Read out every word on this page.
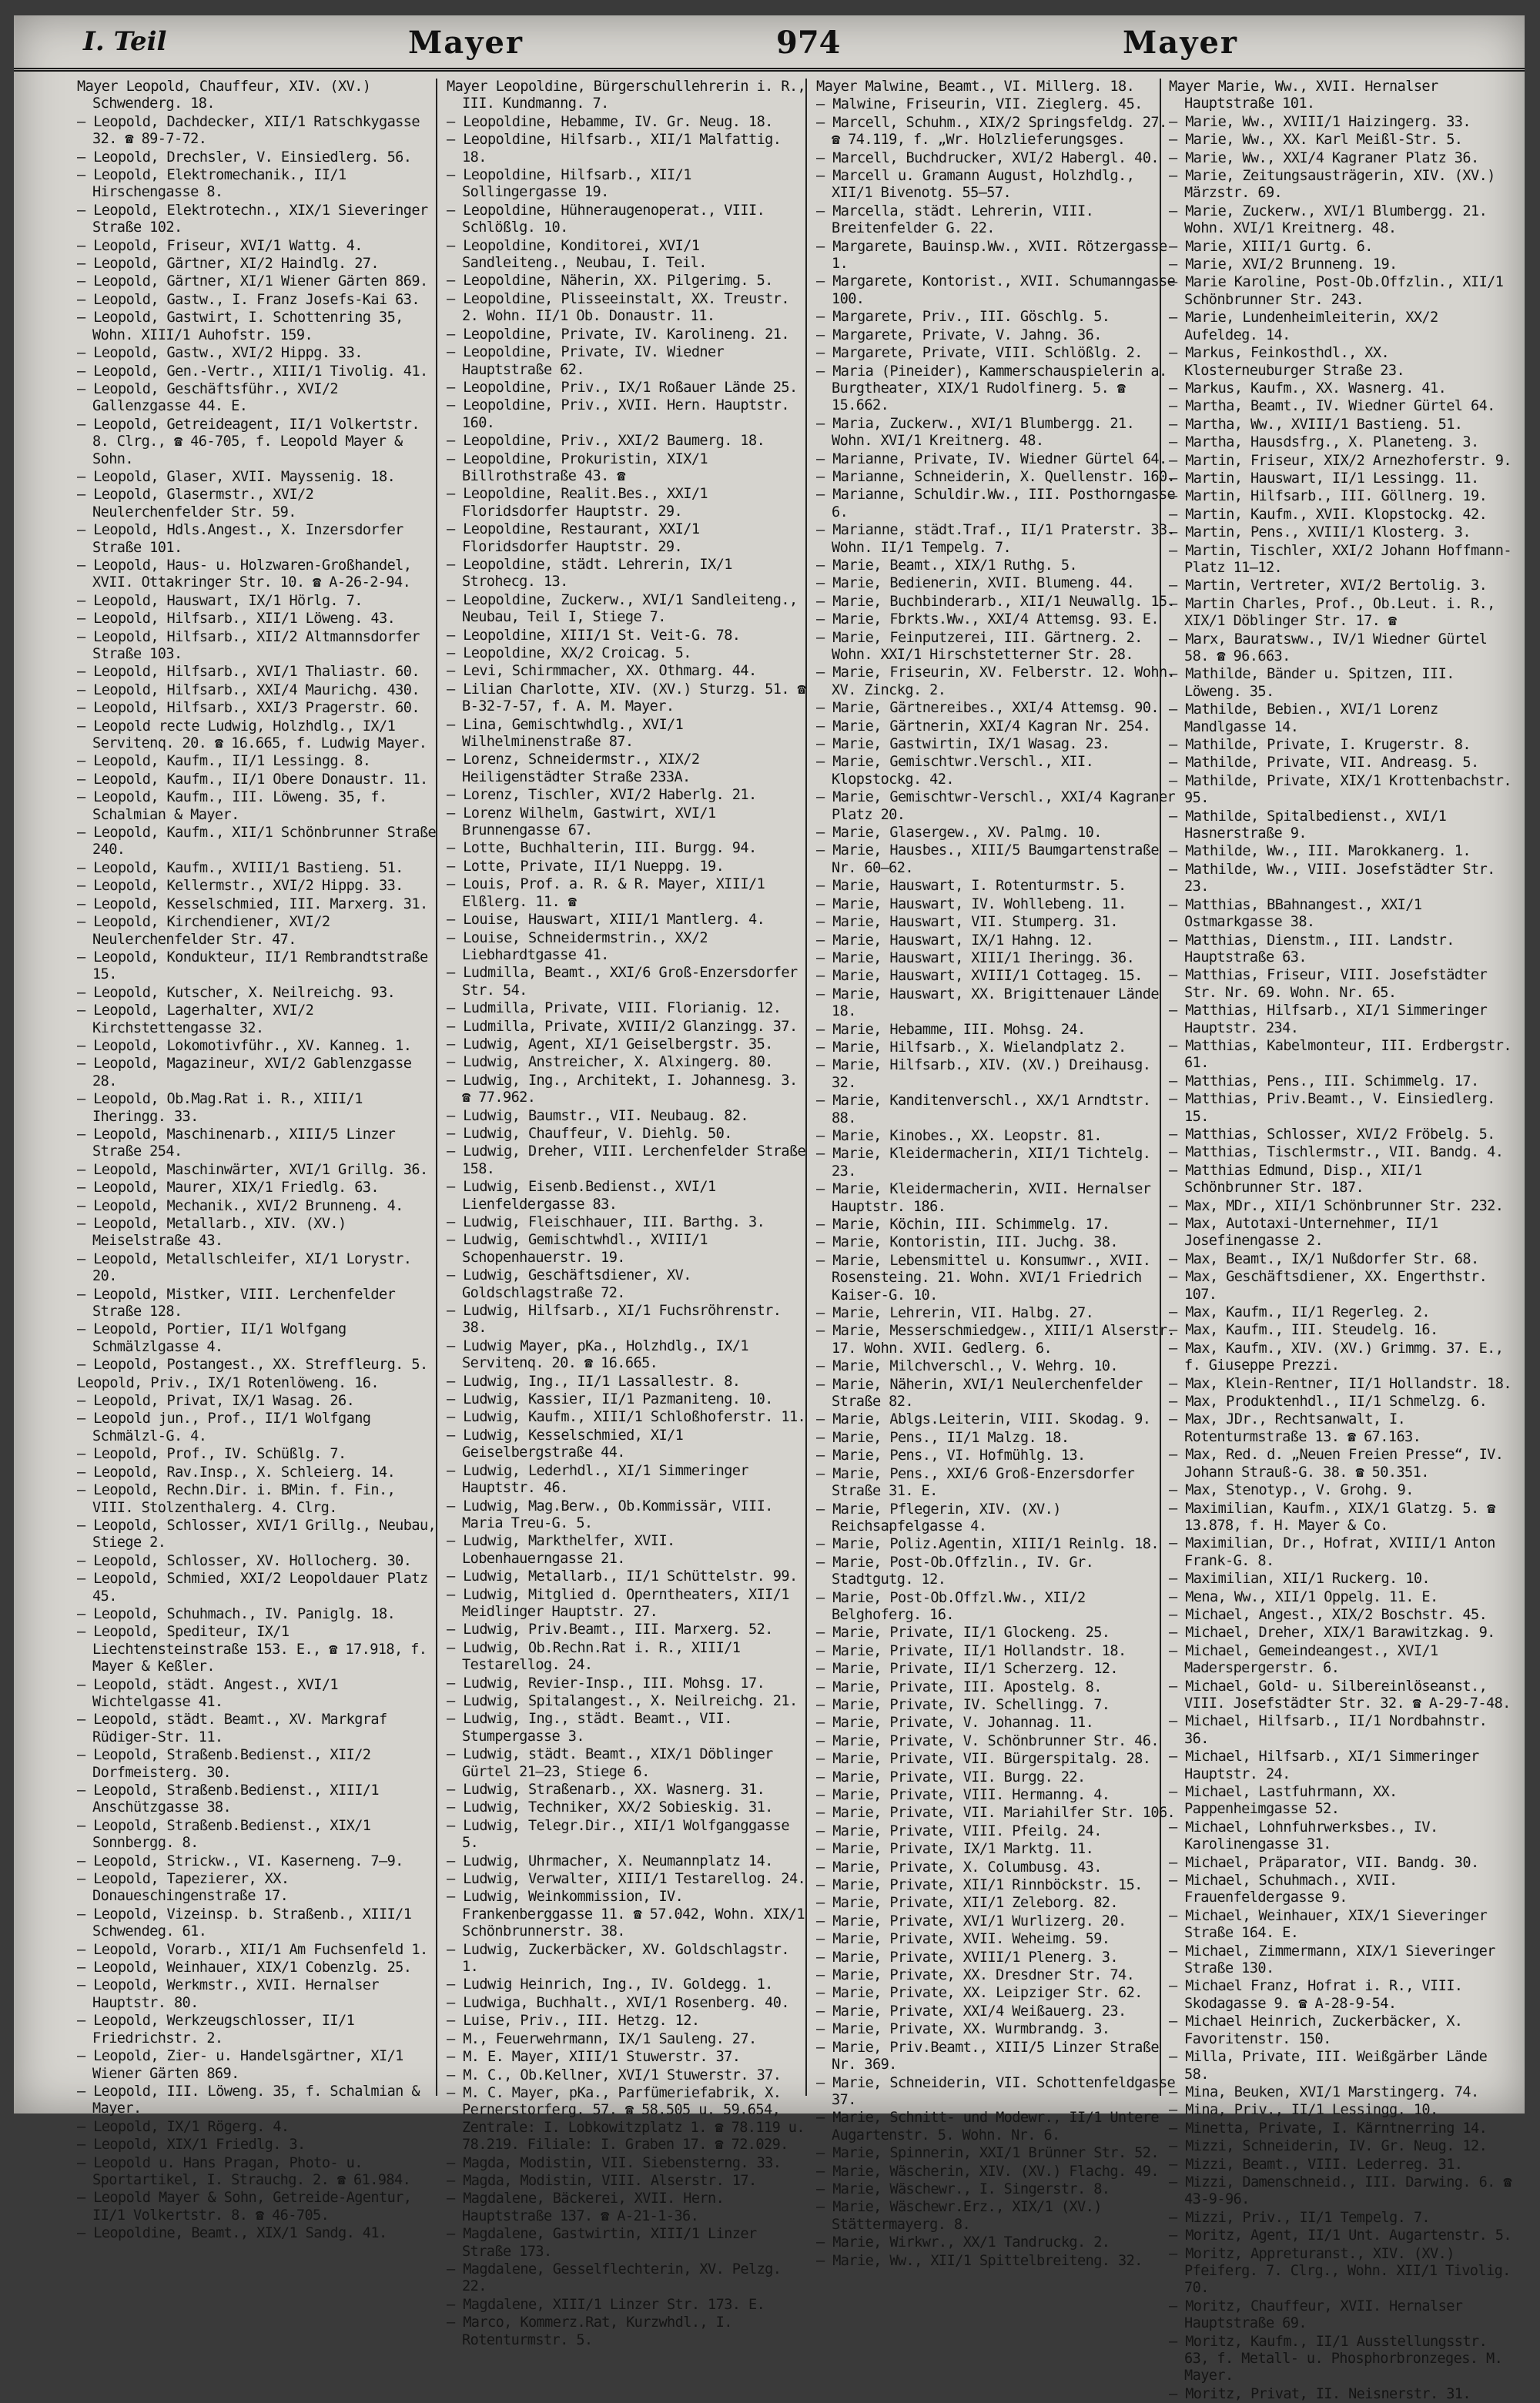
I. Teil	Mayer	974	Mayer

Mayer Leopold, Chauffeur, XIV. (XV.) Schwenderg. 18.

— Leopold, Dachdecker, XII/1 Ratschkygasse 32. ☎ 89-7-72.

— Leopold, Drechsler, V. Einsiedlerg. 56.

— Leopold, Elektromechanik., II/1 Hirschengasse 8.

— Leopold, Elektrotechn., XIX/1 Sieveringer Straße 102.

— Leopold, Friseur, XVI/1 Wattg. 4.

— Leopold, Gärtner, XI/2 Haindlg. 27.

— Leopold, Gärtner, XI/1 Wiener Gärten 869.

— Leopold, Gastw., I. Franz Josefs-Kai 63.

— Leopold, Gastwirt, I. Schottenring 35, Wohn. XIII/1 Auhofstr. 159.

— Leopold, Gastw., XVI/2 Hippg. 33.

— Leopold, Gen.-Vertr., XIII/1 Tivolig. 41.

— Leopold, Geschäftsführ., XVI/2 Gallenzgasse 44. E.

— Leopold, Getreideagent, II/1 Volkertstr. 8. Clrg., ☎ 46-705, f. Leopold Mayer & Sohn.

— Leopold, Glaser, XVII. Mayssenig. 18.

— Leopold, Glasermstr., XVI/2 Neulerchenfelder Str. 59.

— Leopold, Hdls.Angest., X. Inzersdorfer Straße 101.

— Leopold, Haus- u. Holzwaren-Großhandel, XVII. Ottakringer Str. 10. ☎ A-26-2-94.

— Leopold, Hauswart, IX/1 Hörlg. 7.

— Leopold, Hilfsarb., XII/1 Löweng. 43.

— Leopold, Hilfsarb., XII/2 Altmannsdorfer Straße 103.

— Leopold, Hilfsarb., XVI/1 Thaliastr. 60.

— Leopold, Hilfsarb., XXI/4 Maurichg. 430.

— Leopold, Hilfsarb., XXI/3 Pragerstr. 60.

— Leopold recte Ludwig, Holzhdlg., IX/1 Servitenq. 20. ☎ 16.665, f. Ludwig Mayer.

— Leopold, Kaufm., II/1 Lessingg. 8.

— Leopold, Kaufm., II/1 Obere Donaustr. 11.

— Leopold, Kaufm., III. Löweng. 35, f. Schalmian & Mayer.

— Leopold, Kaufm., XII/1 Schönbrunner Straße 240.

— Leopold, Kaufm., XVIII/1 Bastieng. 51.

— Leopold, Kellermstr., XVI/2 Hippg. 33.

— Leopold, Kesselschmied, III. Marxerg. 31.

— Leopold, Kirchendiener, XVI/2 Neulerchenfelder Str. 47.

— Leopold, Kondukteur, II/1 Rembrandtstraße 15.

— Leopold, Kutscher, X. Neilreichg. 93.

— Leopold, Lagerhalter, XVI/2 Kirchstettengasse 32.

— Leopold, Lokomotivführ., XV. Kanneg. 1.

— Leopold, Magazineur, XVI/2 Gablenzgasse 28.

— Leopold, Ob.Mag.Rat i. R., XIII/1 Iheringg. 33.

— Leopold, Maschinenarb., XIII/5 Linzer Straße 254.

— Leopold, Maschinwärter, XVI/1 Grillg. 36.

— Leopold, Maurer, XIX/1 Friedlg. 63.

— Leopold, Mechanik., XVI/2 Brunneng. 4.

— Leopold, Metallarb., XIV. (XV.) Meiselstraße 43.

— Leopold, Metallschleifer, XI/1 Lorystr. 20.

— Leopold, Mistker, VIII. Lerchenfelder Straße 128.

— Leopold, Portier, II/1 Wolfgang Schmälzlgasse 4.

— Leopold, Postangest., XX. Streffleurg. 5.

Leopold, Priv., IX/1 Rotenlöweng. 16.

— Leopold, Privat, IX/1 Wasag. 26.

— Leopold jun., Prof., II/1 Wolfgang Schmälzl-G. 4.

— Leopold, Prof., IV. Schüßlg. 7.

— Leopold, Rav.Insp., X. Schleierg. 14.

— Leopold, Rechn.Dir. i. BMin. f. Fin., VIII. Stolzenthalerg. 4. Clrg.

— Leopold, Schlosser, XVI/1 Grillg., Neubau, Stiege 2.

— Leopold, Schlosser, XV. Hollocherg. 30.

— Leopold, Schmied, XXI/2 Leopoldauer Platz 45.

— Leopold, Schuhmach., IV. Paniglg. 18.

— Leopold, Spediteur, IX/1 Liechtensteinstraße 153. E., ☎ 17.918, f. Mayer & Keßler.

— Leopold, städt. Angest., XVI/1 Wichtelgasse 41.

— Leopold, städt. Beamt., XV. Markgraf Rüdiger-Str. 11.

— Leopold, Straßenb.Bedienst., XII/2 Dorfmeisterg. 30.

— Leopold, Straßenb.Bedienst., XIII/1 Anschützgasse 38.

— Leopold, Straßenb.Bedienst., XIX/1 Sonnbergg. 8.

— Leopold, Strickw., VI. Kaserneng. 7—9.

— Leopold, Tapezierer, XX. Donaueschingenstraße 17.

— Leopold, Vizeinsp. b. Straßenb., XIII/1 Schwendeg. 61.

— Leopold, Vorarb., XII/1 Am Fuchsenfeld 1.

— Leopold, Weinhauer, XIX/1 Cobenzlg. 25.

— Leopold, Werkmstr., XVII. Hernalser Hauptstr. 80.

— Leopold, Werkzeugschlosser, II/1 Friedrichstr. 2.

— Leopold, Zier- u. Handelsgärtner, XI/1 Wiener Gärten 869.

— Leopold, III. Löweng. 35, f. Schalmian & Mayer.

— Leopold, IX/1 Rögerg. 4.

— Leopold, XIX/1 Friedlg. 3.

— Leopold u. Hans Pragan, Photo- u. Sportartikel, I. Strauchg. 2. ☎ 61.984.

— Leopold Mayer & Sohn, Getreide-Agentur, II/1 Volkertstr. 8. ☎ 46-705.

— Leopoldine, Beamt., XIX/1 Sandg. 41.

Mayer Leopoldine, Bürgerschullehrerin i. R., III. Kundmanng. 7.

— Leopoldine, Hebamme, IV. Gr. Neug. 18.

— Leopoldine, Hilfsarb., XII/1 Malfattig. 18.

— Leopoldine, Hilfsarb., XII/1 Sollingergasse 19.

— Leopoldine, Hühneraugenoperat., VIII. Schlößlg. 10.

— Leopoldine, Konditorei, XVI/1 Sandleiteng., Neubau, I. Teil.

— Leopoldine, Näherin, XX. Pilgerimg. 5.

— Leopoldine, Plisseeinstalt, XX. Treustr. 2. Wohn. II/1 Ob. Donaustr. 11.

— Leopoldine, Private, IV. Karolineng. 21.

— Leopoldine, Private, IV. Wiedner Hauptstraße 62.

— Leopoldine, Priv., IX/1 Roßauer Lände 25.

— Leopoldine, Priv., XVII. Hern. Hauptstr. 160.

— Leopoldine, Priv., XXI/2 Baumerg. 18.

— Leopoldine, Prokuristin, XIX/1 Billrothstraße 43. ☎

— Leopoldine, Realit.Bes., XXI/1 Floridsdorfer Hauptstr. 29.

— Leopoldine, Restaurant, XXI/1 Floridsdorfer Hauptstr. 29.

— Leopoldine, städt. Lehrerin, IX/1 Strohecg. 13.

— Leopoldine, Zuckerw., XVI/1 Sandleiteng., Neubau, Teil I, Stiege 7.

— Leopoldine, XIII/1 St. Veit-G. 78.

— Leopoldine, XX/2 Croicag. 5.

— Levi, Schirmmacher, XX. Othmarg. 44.

— Lilian Charlotte, XIV. (XV.) Sturzg. 51. ☎ B-32-7-57, f. A. M. Mayer.

— Lina, Gemischtwhdlg., XVI/1 Wilhelminenstraße 87.

— Lorenz, Schneidermstr., XIX/2 Heiligenstädter Straße 233A.

— Lorenz, Tischler, XVI/2 Haberlg. 21.

— Lorenz Wilhelm, Gastwirt, XVI/1 Brunnengasse 67.

— Lotte, Buchhalterin, III. Burgg. 94.

— Lotte, Private, II/1 Nueppg. 19.

— Louis, Prof. a. R. & R. Mayer, XIII/1 Elßlerg. 11. ☎

— Louise, Hauswart, XIII/1 Mantlerg. 4.

— Louise, Schneidermstrin., XX/2 Liebhardtgasse 41.

— Ludmilla, Beamt., XXI/6 Groß-Enzersdorfer Str. 54.

— Ludmilla, Private, VIII. Florianig. 12.

— Ludmilla, Private, XVIII/2 Glanzingg. 37.

— Ludwig, Agent, XI/1 Geiselbergstr. 35.

— Ludwig, Anstreicher, X. Alxingerg. 80.

— Ludwig, Ing., Architekt, I. Johannesg. 3. ☎ 77.962.

— Ludwig, Baumstr., VII. Neubaug. 82.

— Ludwig, Chauffeur, V. Diehlg. 50.

— Ludwig, Dreher, VIII. Lerchenfelder Straße 158.

— Ludwig, Eisenb.Bedienst., XVI/1 Lienfeldergasse 83.

— Ludwig, Fleischhauer, III. Barthg. 3.

— Ludwig, Gemischtwhdl., XVIII/1 Schopenhauerstr. 19.

— Ludwig, Geschäftsdiener, XV. Goldschlagstraße 72.

— Ludwig, Hilfsarb., XI/1 Fuchsröhrenstr. 38.

— Ludwig Mayer, pKa., Holzhdlg., IX/1 Servitenq. 20. ☎ 16.665.

— Ludwig, Ing., II/1 Lassallestr. 8.

— Ludwig, Kassier, II/1 Pazmaniteng. 10.

— Ludwig, Kaufm., XIII/1 Schloßhoferstr. 11.

— Ludwig, Kesselschmied, XI/1 Geiselbergstraße 44.

— Ludwig, Lederhdl., XI/1 Simmeringer Hauptstr. 46.

— Ludwig, Mag.Berw., Ob.Kommissär, VIII. Maria Treu-G. 5.

— Ludwig, Markthelfer, XVII. Lobenhauerngasse 21.

— Ludwig, Metallarb., II/1 Schüttelstr. 99.

— Ludwig, Mitglied d. Operntheaters, XII/1 Meidlinger Hauptstr. 27.

— Ludwig, Priv.Beamt., III. Marxerg. 52.

— Ludwig, Ob.Rechn.Rat i. R., XIII/1 Testarellog. 24.

— Ludwig, Revier-Insp., III. Mohsg. 17.

— Ludwig, Spitalangest., X. Neilreichg. 21.

— Ludwig, Ing., städt. Beamt., VII. Stumpergasse 3.

— Ludwig, städt. Beamt., XIX/1 Döblinger Gürtel 21—23, Stiege 6.

— Ludwig, Straßenarb., XX. Wasnerg. 31.

— Ludwig, Techniker, XX/2 Sobieskig. 31.

— Ludwig, Telegr.Dir., XII/1 Wolfganggasse 5.

— Ludwig, Uhrmacher, X. Neumannplatz 14.

— Ludwig, Verwalter, XIII/1 Testarellog. 24.

— Ludwig, Weinkommission, IV. Frankenberggasse 11. ☎ 57.042, Wohn. XIX/1 Schönbrunnerstr. 38.

— Ludwig, Zuckerbäcker, XV. Goldschlagstr. 1.

— Ludwig Heinrich, Ing., IV. Goldegg. 1.

— Ludwiga, Buchhalt., XVI/1 Rosenberg. 40.

— Luise, Priv., III. Hetzg. 12.

— M., Feuerwehrmann, IX/1 Sauleng. 27.

— M. E. Mayer, XIII/1 Stuwerstr. 37.

— M. C., Ob.Kellner, XVI/1 Stuwerstr. 37.

— M. C. Mayer, pKa., Parfümeriefabrik, X. Pernerstorferg. 57. ☎ 58.505 u. 59.654, Zentrale: I. Lobkowitzplatz 1. ☎ 78.119 u. 78.219. Filiale: I. Graben 17. ☎ 72.029.

— Magda, Modistin, VII. Siebensterng. 33.

— Magda, Modistin, VIII. Alserstr. 17.

— Magdalene, Bäckerei, XVII. Hern. Hauptstraße 137. ☎ A-21-1-36.

— Magdalene, Gastwirtin, XIII/1 Linzer Straße 173.

— Magdalene, Gesselflechterin, XV. Pelzg. 22.

— Magdalene, XIII/1 Linzer Str. 173. E.

— Marco, Kommerz.Rat, Kurzwhdl., I. Rotenturmstr. 5.

Mayer Malwine, Beamt., VI. Millerg. 18.

— Malwine, Friseurin, VII. Zieglerg. 45.

— Marcell, Schuhm., XIX/2 Springsfeldg. 27. ☎ 74.119, f. „Wr. Holzlieferungsges.

— Marcell, Buchdrucker, XVI/2 Habergl. 40.

— Marcell u. Gramann August, Holzhdlg., XII/1 Bivenotg. 55—57.

— Marcella, städt. Lehrerin, VIII. Breitenfelder G. 22.

— Margarete, Bauinsp.Ww., XVII. Rötzergasse 1.

— Margarete, Kontorist., XVII. Schumanngasse 100.

— Margarete, Priv., III. Göschlg. 5.

— Margarete, Private, V. Jahng. 36.

— Margarete, Private, VIII. Schlößlg. 2.

— Maria (Pineider), Kammerschauspielerin a. Burgtheater, XIX/1 Rudolfinerg. 5. ☎ 15.662.

— Maria, Zuckerw., XVI/1 Blumbergg. 21. Wohn. XVI/1 Kreitnerg. 48.

— Marianne, Private, IV. Wiedner Gürtel 64.

— Marianne, Schneiderin, X. Quellenstr. 160.

— Marianne, Schuldir.Ww., III. Posthorngasse 6.

— Marianne, städt.Traf., II/1 Praterstr. 33. Wohn. II/1 Tempelg. 7.

— Marie, Beamt., XIX/1 Ruthg. 5.

— Marie, Bedienerin, XVII. Blumeng. 44.

— Marie, Buchbinderarb., XII/1 Neuwallg. 15.

— Marie, Fbrkts.Ww., XXI/4 Attemsg. 93. E.

— Marie, Feinputzerei, III. Gärtnerg. 2. Wohn. XXI/1 Hirschstetterner Str. 28.

— Marie, Friseurin, XV. Felberstr. 12. Wohn. XV. Zinckg. 2.

— Marie, Gärtnereibes., XXI/4 Attemsg. 90.

— Marie, Gärtnerin, XXI/4 Kagran Nr. 254.

— Marie, Gastwirtin, IX/1 Wasag. 23.

— Marie, Gemischtwr.Verschl., XII. Klopstockg. 42.

— Marie, Gemischtwr-Verschl., XXI/4 Kagraner Platz 20.

— Marie, Glasergew., XV. Palmg. 10.

— Marie, Hausbes., XIII/5 Baumgartenstraße Nr. 60—62.

— Marie, Hauswart, I. Rotenturmstr. 5.

— Marie, Hauswart, IV. Wohllebeng. 11.

— Marie, Hauswart, VII. Stumperg. 31.

— Marie, Hauswart, IX/1 Hahng. 12.

— Marie, Hauswart, XIII/1 Iheringg. 36.

— Marie, Hauswart, XVIII/1 Cottageg. 15.

— Marie, Hauswart, XX. Brigittenauer Lände 18.

— Marie, Hebamme, III. Mohsg. 24.

— Marie, Hilfsarb., X. Wielandplatz 2.

— Marie, Hilfsarb., XIV. (XV.) Dreihausg. 32.

— Marie, Kanditenverschl., XX/1 Arndtstr. 88.

— Marie, Kinobes., XX. Leopstr. 81.

— Marie, Kleidermacherin, XII/1 Tichtelg. 23.

— Marie, Kleidermacherin, XVII. Hernalser Hauptstr. 186.

— Marie, Köchin, III. Schimmelg. 17.

— Marie, Kontoristin, III. Juchg. 38.

— Marie, Lebensmittel u. Konsumwr., XVII. Rosensteing. 21. Wohn. XVI/1 Friedrich Kaiser-G. 10.

— Marie, Lehrerin, VII. Halbg. 27.

— Marie, Messerschmiedgew., XIII/1 Alserstr. 17. Wohn. XVII. Gedlerg. 6.

— Marie, Milchverschl., V. Wehrg. 10.

— Marie, Näherin, XVI/1 Neulerchenfelder Straße 82.

— Marie, Ablgs.Leiterin, VIII. Skodag. 9.

— Marie, Pens., II/1 Malzg. 18.

— Marie, Pens., VI. Hofmühlg. 13.

— Marie, Pens., XXI/6 Groß-Enzersdorfer Straße 31. E.

— Marie, Pflegerin, XIV. (XV.) Reichsapfelgasse 4.

— Marie, Poliz.Agentin, XIII/1 Reinlg. 18.

— Marie, Post-Ob.Offzlin., IV. Gr. Stadtgutg. 12.

— Marie, Post-Ob.Offzl.Ww., XII/2 Belghoferg. 16.

— Marie, Private, II/1 Glockeng. 25.

— Marie, Private, II/1 Hollandstr. 18.

— Marie, Private, II/1 Scherzerg. 12.

— Marie, Private, III. Apostelg. 8.

— Marie, Private, IV. Schellingg. 7.

— Marie, Private, V. Johannag. 11.

— Marie, Private, V. Schönbrunner Str. 46.

— Marie, Private, VII. Bürgerspitalg. 28.

— Marie, Private, VII. Burgg. 22.

— Marie, Private, VIII. Hermanng. 4.

— Marie, Private, VII. Mariahilfer Str. 106.

— Marie, Private, VIII. Pfeilg. 24.

— Marie, Private, IX/1 Marktg. 11.

— Marie, Private, X. Columbusg. 43.

— Marie, Private, XII/1 Rinnböckstr. 15.

— Marie, Private, XII/1 Zeleborg. 82.

— Marie, Private, XVI/1 Wurlizerg. 20.

— Marie, Private, XVII. Weheimg. 59.

— Marie, Private, XVIII/1 Plenerg. 3.

— Marie, Private, XX. Dresdner Str. 74.

— Marie, Private, XX. Leipziger Str. 62.

— Marie, Private, XXI/4 Weißauerg. 23.

— Marie, Private, XX. Wurmbrandg. 3.

— Marie, Priv.Beamt., XIII/5 Linzer Straße Nr. 369.

— Marie, Schneiderin, VII. Schottenfeldgasse 37.

— Marie, Schnitt- und Modewr., II/1 Untere Augartenstr. 5. Wohn. Nr. 6.

— Marie, Spinnerin, XXI/1 Brünner Str. 52.

— Marie, Wäscherin, XIV. (XV.) Flachg. 49.

— Marie, Wäschewr., I. Singerstr. 8.

— Marie, Wäschewr.Erz., XIX/1 (XV.) Stättermayerg. 8.

— Marie, Wirkwr., XX/1 Tandruckg. 2.

— Marie, Ww., XII/1 Spittelbreiteng. 32.

Mayer Marie, Ww., XVII. Hernalser Hauptstraße 101.

— Marie, Ww., XVIII/1 Haizingerg. 33.

— Marie, Ww., XX. Karl Meißl-Str. 5.

— Marie, Ww., XXI/4 Kagraner Platz 36.

— Marie, Zeitungsausträgerin, XIV. (XV.) Märzstr. 69.

— Marie, Zuckerw., XVI/1 Blumbergg. 21. Wohn. XVI/1 Kreitnerg. 48.

— Marie, XIII/1 Gurtg. 6.

— Marie, XVI/2 Brunneng. 19.

— Marie Karoline, Post-Ob.Offzlin., XII/1 Schönbrunner Str. 243.

— Marie, Lundenheimleiterin, XX/2 Aufeldeg. 14.

— Markus, Feinkosthdl., XX. Klosterneuburger Straße 23.

— Markus, Kaufm., XX. Wasnerg. 41.

— Martha, Beamt., IV. Wiedner Gürtel 64.

— Martha, Ww., XVIII/1 Bastieng. 51.

— Martha, Hausdsfrg., X. Planeteng. 3.

— Martin, Friseur, XIX/2 Arnezhoferstr. 9.

— Martin, Hauswart, II/1 Lessingg. 11.

— Martin, Hilfsarb., III. Göllnerg. 19.

— Martin, Kaufm., XVII. Klopstockg. 42.

— Martin, Pens., XVIII/1 Klosterg. 3.

— Martin, Tischler, XXI/2 Johann Hoffmann-Platz 11—12.

— Martin, Vertreter, XVI/2 Bertolig. 3.

— Martin Charles, Prof., Ob.Leut. i. R., XIX/1 Döblinger Str. 17. ☎

— Marx, Bauratsww., IV/1 Wiedner Gürtel 58. ☎ 96.663.

— Mathilde, Bänder u. Spitzen, III. Löweng. 35.

— Mathilde, Bebien., XVI/1 Lorenz Mandlgasse 14.

— Mathilde, Private, I. Krugerstr. 8.

— Mathilde, Private, VII. Andreasg. 5.

— Mathilde, Private, XIX/1 Krottenbachstr. 95.

— Mathilde, Spitalbedienst., XVI/1 Hasnerstraße 9.

— Mathilde, Ww., III. Marokkanerg. 1.

— Mathilde, Ww., VIII. Josefstädter Str. 23.

— Matthias, BBahnangest., XXI/1 Ostmarkgasse 38.

— Matthias, Dienstm., III. Landstr. Hauptstraße 63.

— Matthias, Friseur, VIII. Josefstädter Str. Nr. 69. Wohn. Nr. 65.

— Matthias, Hilfsarb., XI/1 Simmeringer Hauptstr. 234.

— Matthias, Kabelmonteur, III. Erdbergstr. 61.

— Matthias, Pens., III. Schimmelg. 17.

— Matthias, Priv.Beamt., V. Einsiedlerg. 15.

— Matthias, Schlosser, XVI/2 Fröbelg. 5.

— Matthias, Tischlermstr., VII. Bandg. 4.

— Matthias Edmund, Disp., XII/1 Schönbrunner Str. 187.

— Max, MDr., XII/1 Schönbrunner Str. 232.

— Max, Autotaxi-Unternehmer, II/1 Josefinengasse 2.

— Max, Beamt., IX/1 Nußdorfer Str. 68.

— Max, Geschäftsdiener, XX. Engerthstr. 107.

— Max, Kaufm., II/1 Regerleg. 2.

— Max, Kaufm., III. Steudelg. 16.

— Max, Kaufm., XIV. (XV.) Grimmg. 37. E., f. Giuseppe Prezzi.

— Max, Klein-Rentner, II/1 Hollandstr. 18.

— Max, Produktenhdl., II/1 Schmelzg. 6.

— Max, JDr., Rechtsanwalt, I. Rotenturmstraße 13. ☎ 67.163.

— Max, Red. d. „Neuen Freien Presse“, IV. Johann Strauß-G. 38. ☎ 50.351.

— Max, Stenotyp., V. Grohg. 9.

— Maximilian, Kaufm., XIX/1 Glatzg. 5. ☎ 13.878, f. H. Mayer & Co.

— Maximilian, Dr., Hofrat, XVIII/1 Anton Frank-G. 8.

— Maximilian, XII/1 Ruckerg. 10.

— Mena, Ww., XII/1 Oppelg. 11. E.

— Michael, Angest., XIX/2 Boschstr. 45.

— Michael, Dreher, XIX/1 Barawitzkag. 9.

— Michael, Gemeindeangest., XVI/1 Maderspergerstr. 6.

— Michael, Gold- u. Silbereinlöseanst., VIII. Josefstädter Str. 32. ☎ A-29-7-48.

— Michael, Hilfsarb., II/1 Nordbahnstr. 36.

— Michael, Hilfsarb., XI/1 Simmeringer Hauptstr. 24.

— Michael, Lastfuhrmann, XX. Pappenheimgasse 52.

— Michael, Lohnfuhrwerksbes., IV. Karolinengasse 31.

— Michael, Präparator, VII. Bandg. 30.

— Michael, Schuhmach., XVII. Frauenfeldergasse 9.

— Michael, Weinhauer, XIX/1 Sieveringer Straße 164. E.

— Michael, Zimmermann, XIX/1 Sieveringer Straße 130.

— Michael Franz, Hofrat i. R., VIII. Skodagasse 9. ☎ A-28-9-54.

— Michael Heinrich, Zuckerbäcker, X. Favoritenstr. 150.

— Milla, Private, III. Weißgärber Lände 58.

— Mina, Beuken, XVI/1 Marstingerg. 74.

— Mina, Priv., II/1 Lessingg. 10.

— Minetta, Private, I. Kärntnerring 14.

— Mizzi, Schneiderin, IV. Gr. Neug. 12.

— Mizzi, Beamt., VIII. Lederreg. 31.

— Mizzi, Damenschneid., III. Darwing. 6. ☎ 43-9-96.

— Mizzi, Priv., II/1 Tempelg. 7.

— Moritz, Agent, II/1 Unt. Augartenstr. 5.

— Moritz, Appreturanst., XIV. (XV.) Pfeiferg. 7. Clrg., Wohn. XII/1 Tivolig. 70.

— Moritz, Chauffeur, XVII. Hernalser Hauptstraße 69.

— Moritz, Kaufm., II/1 Ausstellungsstr. 63, f. Metall- u. Phosphorbronzeges. M. Mayer.

— Moritz, Privat, II. Neisnerstr. 31.
